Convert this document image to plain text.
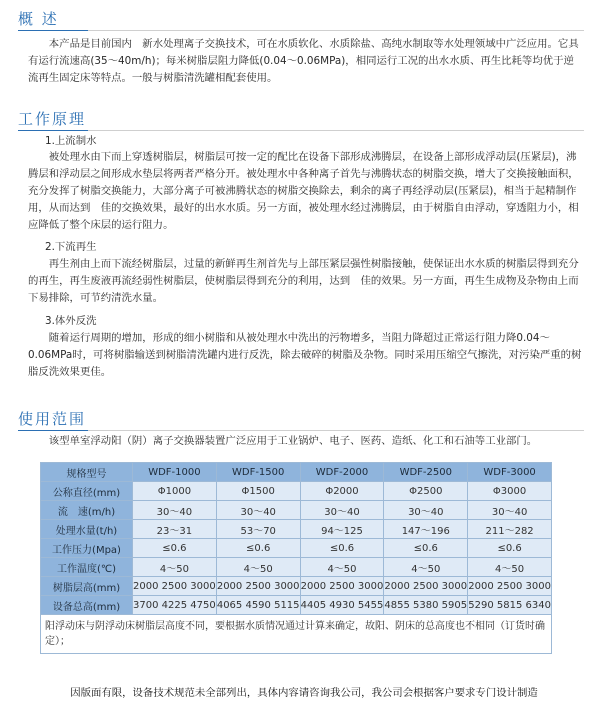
概 述

本产品是目前国内　新水处理离子交换技术，可在水质软化、水质除盐、高纯水制取等水处理领域中广泛应用。它具有运行流速高(35～40m/h)；每米树脂层阻力降低(0.04～0.06MPa)，相同运行工况的出水水质、再生比耗等均优于逆流再生固定床等特点。一般与树脂清洗罐相配套使用。

工作原理
1.上流制水

被处理水由下而上穿透树脂层，树脂层可按一定的配比在设备下部形成沸腾层，在设备上部形成浮动层(压紧层)，沸腾层和浮动层之间形成水垫层将两者严格分开。被处理水中各种离子首先与沸腾状态的树脂交换，增大了交换接触面积，充分发挥了树脂交换能力，大部分离子可被沸腾状态的树脂交换除去，剩余的离子再经浮动层(压紧层)，相当于起精制作用，从而达到　佳的交换效果，最好的出水水质。另一方面，被处理水经过沸腾层，由于树脂自由浮动，穿透阻力小，相应降低了整个床层的运行阻力。

2.下流再生

再生剂由上而下流经树脂层，过量的新鲜再生剂首先与上部压紧层强性树脂接触，使保证出水水质的树脂层得到充分的再生，再生废液再流经弱性树脂层，使树脂层得到充分的利用，达到　佳的效果。另一方面，再生生成物及杂物由上而下易排除，可节约清洗水量。

3.体外反洗

随着运行周期的增加，形成的细小树脂和从被处理水中洗出的污物增多，当阻力降超过正常运行阻力降0.04～0.06MPa时，可将树脂输送到树脂清洗罐内进行反洗，除去破碎的树脂及杂物。同时采用压缩空气擦洗，对污染严重的树脂反洗效果更佳。

使用范围

该型单室浮动阳（阴）离子交换器装置广泛应用于工业锅炉、电子、医药、造纸、化工和石油等工业部门。

规格型号	WDF-1000	WDF-1500	WDF-2000	WDF-2500	WDF-3000
公称直径(mm)	Φ1000	Φ1500	Φ2000	Φ2500	Φ3000
流　速(m/h)	30～40	30～40	30～40	30～40	30～40
处理水量(t/h)	23～31	53～70	94～125	147～196	211～282
工作压力(Mpa)	≤0.6	≤0.6	≤0.6	≤0.6	≤0.6
工作温度(℃)	4～50	4～50	4～50	4～50	4～50
树脂层高(mm)	2000 2500 3000	2000 2500 3000	2000 2500 3000	2000 2500 3000	2000 2500 3000
设备总高(mm)	3700 4225 4750	4065 4590 5115	4405 4930 5455	4855 5380 5905	5290 5815 6340
阳浮动床与阴浮动床树脂层高度不同，要根据水质情况通过计算来确定，故阳、阴床的总高度也不相同（订货时确定）；					
因版面有限，设备技术规范未全部列出，具体内容请咨询我公司，我公司会根据客户要求专门设计制造
